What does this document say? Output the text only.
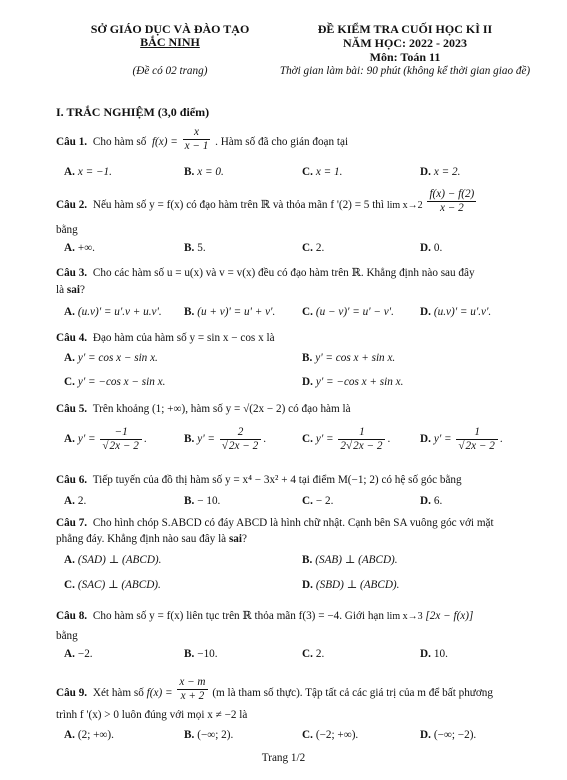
SỞ GIÁO DỤC VÀ ĐÀO TẠO
BẮC NINH
(Đề có 02 trang)
ĐỀ KIỂM TRA CUỐI HỌC KÌ II
NĂM HỌC: 2022 - 2023
Môn: Toán 11
Thời gian làm bài: 90 phút (không kể thời gian giao đề)
I. TRẮC NGHIỆM (3,0 điểm)
Câu 1. Cho hàm số  $f(x) = \frac{x}{x - 1}$ . Hàm số đã cho gián đoạn tại
A. x = −1.	B. x = 0.	C. x = 1.	D. x = 2.
Câu 2. Nếu hàm số y = f(x) có đạo hàm trên ℝ và thỏa mãn f '(2) = 5 thì $\lim x\to 2 \frac{f(x) - f(2)}{x - 2}$
bằng
A. +∞.	B. 5.	C. 2.	D. 0.
Câu 3. Cho các hàm số u = u(x) và v = v(x) đều có đạo hàm trên ℝ. Khẳng định nào sau đây
là sai?
A. (u.v)' = u'.v + u.v'. B. (u + v)' = u' + v'. C. (u − v)' = u' − v'. D. (u.v)' = u'.v'.
Câu 4. Đạo hàm của hàm số y = sin x − cos x là
A. y' = cos x − sin x.	B. y' = cos x + sin x.
C. y' = −cos x − sin x.	D. y' = −cos x + sin x.
Câu 5. Trên khoảng (1; +∞), hàm số y = √(2x − 2) có đạo hàm là
A. $y' = \frac{-1}{√2x - 2}$ .	B. $y' = \frac{2}{√2x - 2}$ .	C. $y' = \frac{1}{2√2x - 2}$ .	D. $y' = \frac{1}{√2x - 2}$ .
Câu 6. Tiếp tuyến của đồ thị hàm số y = x⁴ − 3x² + 4 tại điểm M(−1; 2) có hệ số góc bằng
A. 2.	B. − 10.	C. − 2.	D. 6.
Câu 7. Cho hình chóp S.ABCD có đáy ABCD là hình chữ nhật. Cạnh bên SA vuông góc với mặt
phẳng đáy. Khẳng định nào sau đây là sai?
A. (SAD) ⊥ (ABCD).	B. (SAB) ⊥ (ABCD).
C. (SAC) ⊥ (ABCD).	D. (SBD) ⊥ (ABCD).
Câu 8. Cho hàm số y = f(x) liên tục trên ℝ thỏa mãn f(3) = −4. Giới hạn lim x→3 [2x − f(x)]
bằng
A. −2.	B. −10.	C. 2.	D. 10.
Câu 9. Xét hàm số $f(x) = \frac{x - m}{x + 2} (m$ là tham số thực). Tập tất cả các giá trị của m để bất phương
trình f '(x) > 0 luôn đúng với mọi x ≠ −2 là
A. (2; +∞).	B. (−∞; 2).	C. (−2; +∞).	D. (−∞; −2).
Trang 1/2
